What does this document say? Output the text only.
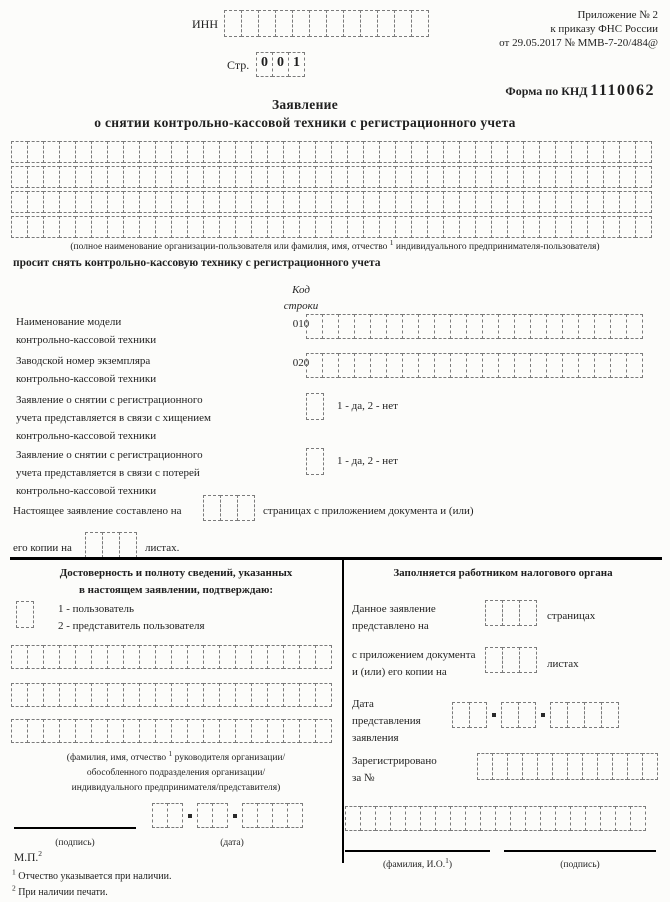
Приложение № 2
к приказу ФНС России
от 29.05.2017 № ММВ-7-20/484@
ИНН
Стр. 0 0 1
Форма по КНД 1110062
Заявление
о снятии контрольно-кассовой техники с регистрационного учета
(полное наименование организации-пользователя или фамилия, имя, отчество $^1$ индивидуального предпринимателя-пользователя)
просит снять контрольно-кассовую технику с регистрационного учета
Код
строки
Наименование модели
контрольно-кассовой техники
010
Заводской номер экземпляра
контрольно-кассовой техники
020
Заявление о снятии с регистрационного
учета представляется в связи с хищением
контрольно-кассовой техники
1 - да, 2 - нет
Заявление о снятии с регистрационного
учета представляется в связи с потерей
контрольно-кассовой техники
1 - да, 2 - нет
Настоящее заявление составлено на	страницах с приложением документа и (или)
его копии на	листах.
Достоверность и полноту сведений, указанных
в настоящем заявлении, подтверждаю:
1 - пользователь
2 - представитель пользователя
(фамилия, имя, отчество $^1$ руководителя организации/
обособленного подразделения организации/
индивидуального предпринимателя/представителя)
(подпись)	(дата)
М.П.$^2$
$^1$ Отчество указывается при наличии.
$^2$ При наличии печати.
Заполняется работником налогового органа
Данное заявление
представлено на
страницах
с приложением документа
и (или) его копии на
листах
Дата
представления
заявления
Зарегистрировано
за №
(фамилия, И.О.$^1$)	(подпись)
